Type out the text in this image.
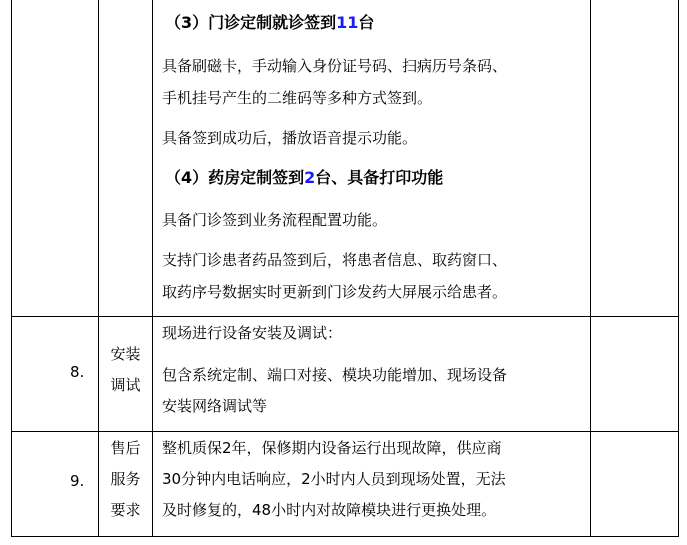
（3）门诊定制就诊签到11台
具备刷磁卡，手动输入身份证号码、扫病历号条码、
手机挂号产生的二维码等多种方式签到。
具备签到成功后，播放语音提示功能。
（4）药房定制签到2台、具备打印功能
具备门诊签到业务流程配置功能。
支持门诊患者药品签到后，将患者信息、取药窗口、
取药序号数据实时更新到门诊发药大屏展示给患者。
8.
安装
调试
现场进行设备安装及调试：
包含系统定制、端口对接、模块功能增加、现场设备
安装网络调试等
9.
售后
服务
要求
整机质保2年，保修期内设备运行出现故障，供应商
30分钟内电话响应，2小时内人员到现场处置，无法
及时修复的，48小时内对故障模块进行更换处理。
